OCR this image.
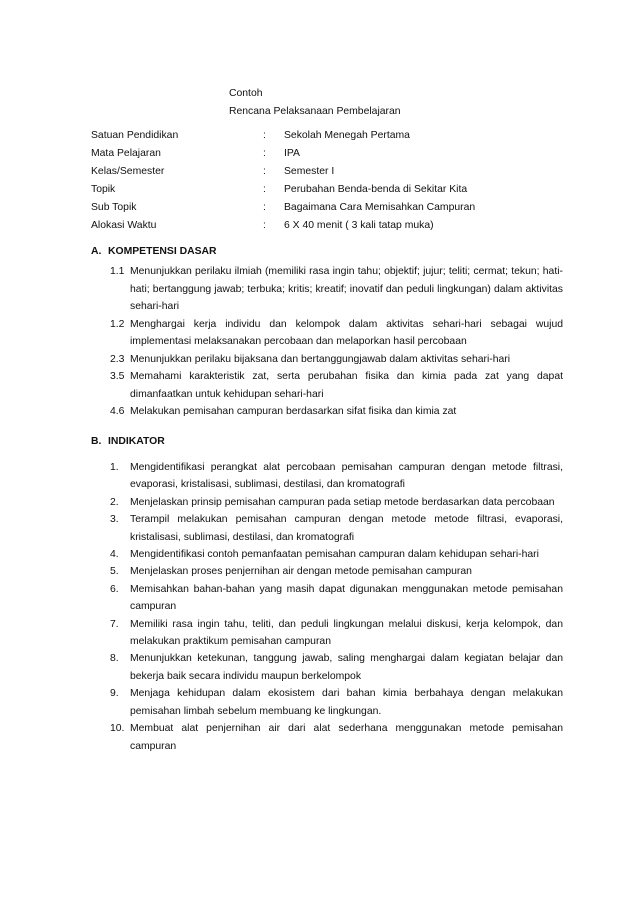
Contoh
Rencana Pelaksanaan Pembelajaran
Satuan Pendidikan	: Sekolah Menegah Pertama
Mata Pelajaran	: IPA
Kelas/Semester	: Semester I
Topik	: Perubahan Benda-benda di Sekitar Kita
Sub Topik	: Bagaimana Cara Memisahkan Campuran
Alokasi Waktu	: 6 X 40 menit ( 3 kali tatap muka)
A. KOMPETENSI DASAR
1.1 Menunjukkan perilaku ilmiah (memiliki rasa ingin tahu; objektif; jujur; teliti; cermat; tekun; hati-hati; bertanggung jawab; terbuka; kritis; kreatif; inovatif dan peduli lingkungan) dalam aktivitas sehari-hari
1.2 Menghargai kerja individu dan kelompok dalam aktivitas sehari-hari sebagai wujud implementasi melaksanakan percobaan dan melaporkan hasil percobaan
2.3 Menunjukkan perilaku bijaksana dan bertanggungjawab dalam aktivitas sehari-hari
3.5 Memahami karakteristik zat, serta perubahan fisika dan kimia pada zat yang dapat dimanfaatkan untuk kehidupan sehari-hari
4.6 Melakukan pemisahan campuran berdasarkan sifat fisika dan kimia zat
B. INDIKATOR
1.	Mengidentifikasi perangkat alat percobaan pemisahan campuran dengan metode filtrasi, evaporasi, kristalisasi, sublimasi, destilasi, dan kromatografi
2.	Menjelaskan prinsip pemisahan campuran pada setiap metode berdasarkan data percobaan
3.	Terampil melakukan pemisahan campuran dengan metode metode filtrasi, evaporasi, kristalisasi, sublimasi, destilasi, dan kromatografi
4.	Mengidentifikasi contoh pemanfaatan pemisahan campuran dalam kehidupan sehari-hari
5.	Menjelaskan proses penjernihan air dengan metode pemisahan campuran
6.	Memisahkan bahan-bahan yang masih dapat digunakan menggunakan metode pemisahan campuran
7.	Memiliki rasa ingin tahu, teliti, dan peduli lingkungan melalui diskusi, kerja kelompok, dan melakukan praktikum pemisahan campuran
8.	Menunjukkan ketekunan, tanggung jawab, saling menghargai dalam kegiatan belajar dan bekerja baik secara individu maupun berkelompok
9.	Menjaga kehidupan dalam ekosistem dari bahan kimia berbahaya dengan melakukan pemisahan limbah sebelum membuang ke lingkungan.
10. Membuat alat penjernihan air dari alat sederhana menggunakan metode pemisahan campuran
